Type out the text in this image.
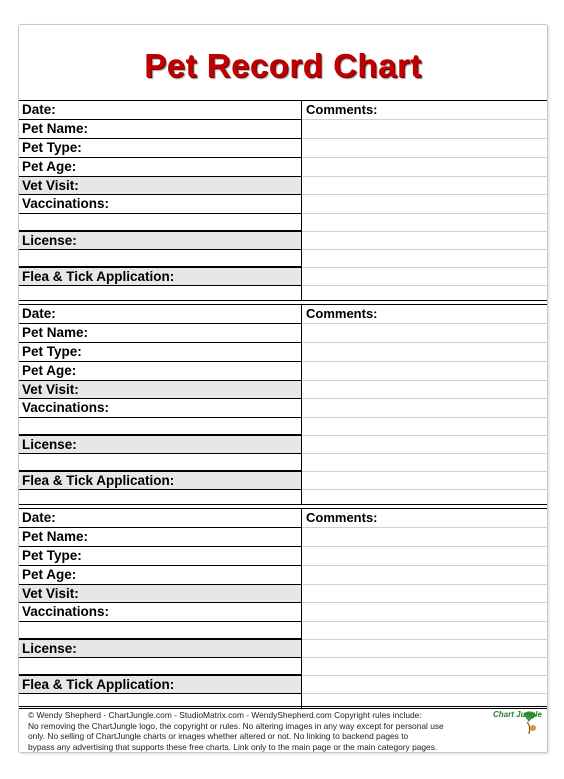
Pet Record Chart
Date:
Pet Name:
Pet Type:
Pet Age:
Vet Visit:
Vaccinations:
License:
Flea & Tick Application:
Comments:
Date:
Pet Name:
Pet Type:
Pet Age:
Vet Visit:
Vaccinations:
License:
Flea & Tick Application:
Comments:
Date:
Pet Name:
Pet Type:
Pet Age:
Vet Visit:
Vaccinations:
License:
Flea & Tick Application:
Comments:
© Wendy Shepherd - ChartJungle.com - StudioMatrix.com - WendyShepherd.com Copyright rules include:
No removing the ChartJungle logo, the copyright or rules. No altering images in any way except for personal use
only. No selling of ChartJungle charts or images whether altered or not. No linking to backend pages to
bypass any advertising that supports these free charts. Link only to the main page or the main category pages.
Chart Jungle
